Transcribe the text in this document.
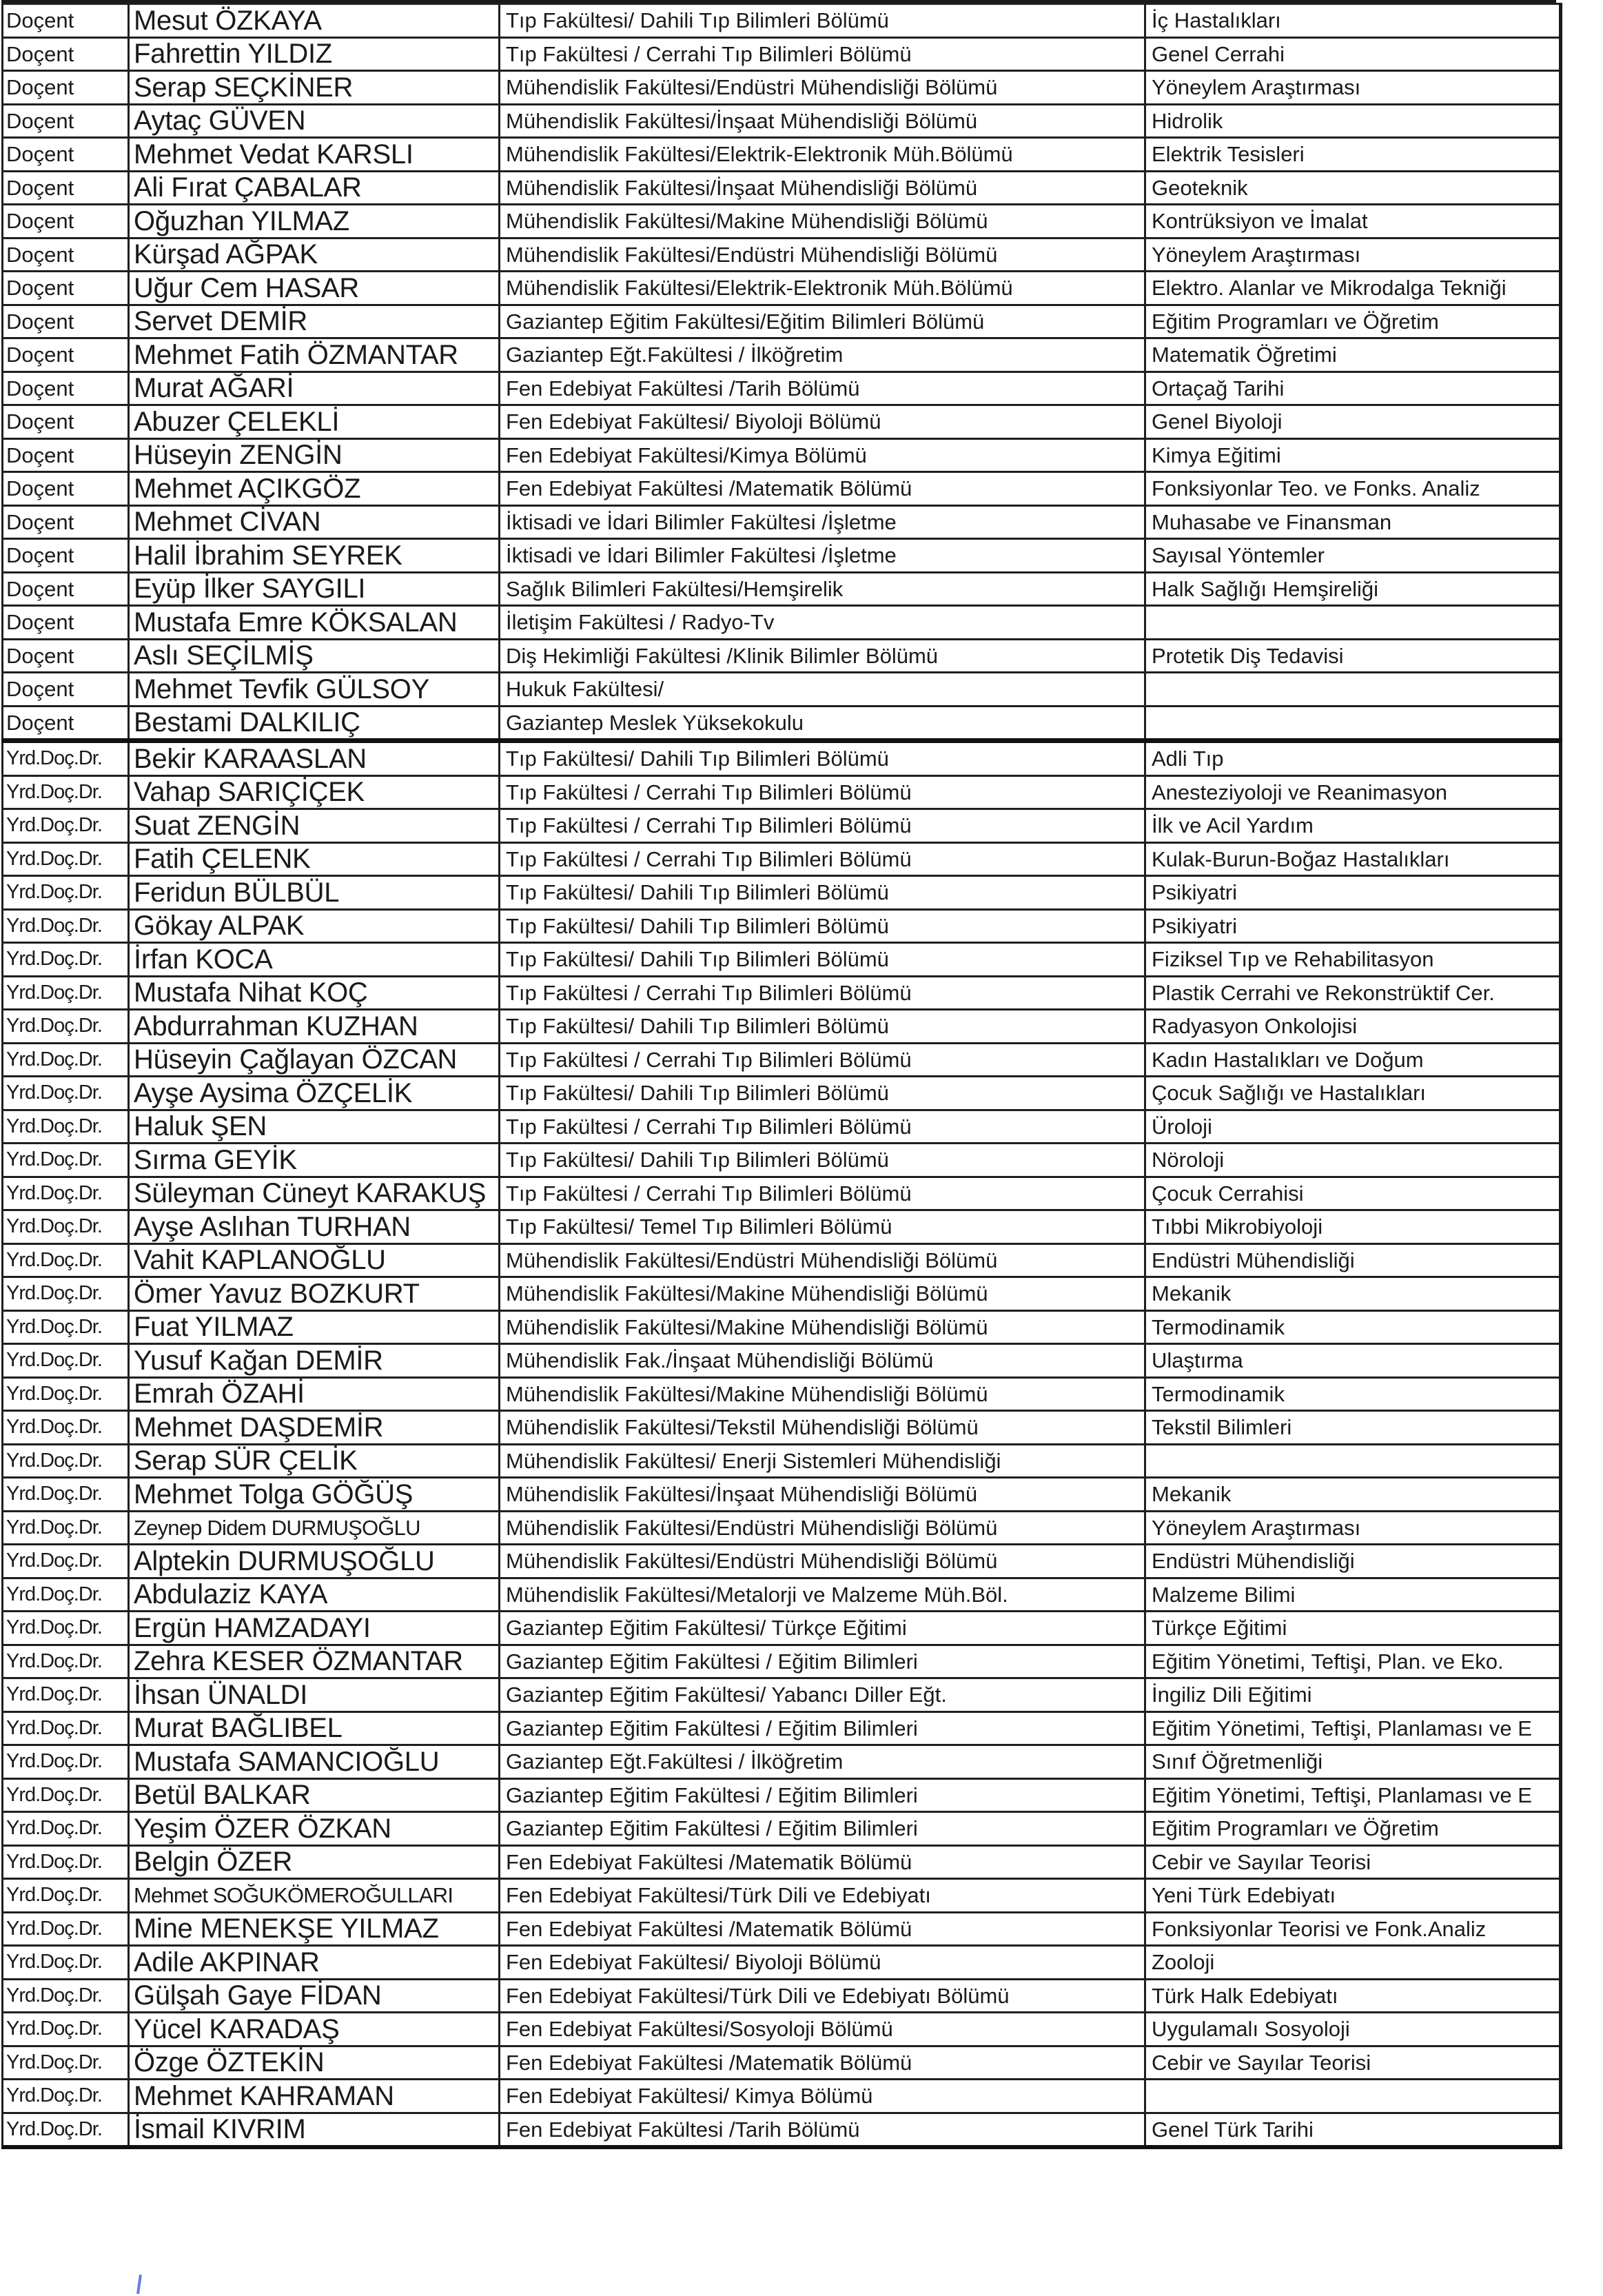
Doçent	Mesut ÖZKAYA	Tıp Fakültesi/ Dahili Tıp Bilimleri Bölümü	İç Hastalıkları
Doçent	Fahrettin YILDIZ	Tıp Fakültesi / Cerrahi Tıp Bilimleri Bölümü	Genel Cerrahi
Doçent	Serap SEÇKİNER	Mühendislik Fakültesi/Endüstri Mühendisliği Bölümü	Yöneylem Araştırması
Doçent	Aytaç GÜVEN	Mühendislik Fakültesi/İnşaat Mühendisliği Bölümü	Hidrolik
Doçent	Mehmet Vedat KARSLI	Mühendislik Fakültesi/Elektrik-Elektronik Müh.Bölümü	Elektrik Tesisleri
Doçent	Ali Fırat ÇABALAR	Mühendislik Fakültesi/İnşaat Mühendisliği Bölümü	Geoteknik
Doçent	Oğuzhan YILMAZ	Mühendislik Fakültesi/Makine Mühendisliği Bölümü	Kontrüksiyon ve İmalat
Doçent	Kürşad AĞPAK	Mühendislik Fakültesi/Endüstri Mühendisliği Bölümü	Yöneylem Araştırması
Doçent	Uğur Cem HASAR	Mühendislik Fakültesi/Elektrik-Elektronik Müh.Bölümü	Elektro. Alanlar ve Mikrodalga Tekniği
Doçent	Servet DEMİR	Gaziantep Eğitim Fakültesi/Eğitim Bilimleri Bölümü	Eğitim Programları ve Öğretim
Doçent	Mehmet Fatih ÖZMANTAR	Gaziantep Eğt.Fakültesi / İlköğretim	Matematik Öğretimi
Doçent	Murat AĞARİ	Fen Edebiyat Fakültesi /Tarih Bölümü	Ortaçağ Tarihi
Doçent	Abuzer ÇELEKLİ	Fen Edebiyat Fakültesi/ Biyoloji Bölümü	Genel Biyoloji
Doçent	Hüseyin ZENGİN	Fen Edebiyat Fakültesi/Kimya Bölümü	Kimya Eğitimi
Doçent	Mehmet AÇIKGÖZ	Fen Edebiyat Fakültesi /Matematik Bölümü	Fonksiyonlar Teo. ve Fonks. Analiz
Doçent	Mehmet CİVAN	İktisadi ve İdari Bilimler Fakültesi /İşletme	Muhasabe ve Finansman
Doçent	Halil İbrahim SEYREK	İktisadi ve İdari Bilimler Fakültesi /İşletme	Sayısal Yöntemler
Doçent	Eyüp İlker SAYGILI	Sağlık Bilimleri Fakültesi/Hemşirelik	Halk Sağlığı Hemşireliği
Doçent	Mustafa Emre KÖKSALAN	İletişim Fakültesi / Radyo-Tv	
Doçent	Aslı SEÇİLMİŞ	Diş Hekimliği Fakültesi /Klinik Bilimler Bölümü	Protetik Diş Tedavisi
Doçent	Mehmet Tevfik GÜLSOY	Hukuk Fakültesi/	
Doçent	Bestami DALKILIÇ	Gaziantep Meslek Yüksekokulu	
Yrd.Doç.Dr.	Bekir KARAASLAN	Tıp Fakültesi/ Dahili Tıp Bilimleri Bölümü	Adli Tıp
Yrd.Doç.Dr.	Vahap SARIÇİÇEK	Tıp Fakültesi / Cerrahi Tıp Bilimleri Bölümü	Anesteziyoloji ve Reanimasyon
Yrd.Doç.Dr.	Suat ZENGİN	Tıp Fakültesi / Cerrahi Tıp Bilimleri Bölümü	İlk ve Acil Yardım
Yrd.Doç.Dr.	Fatih ÇELENK	Tıp Fakültesi / Cerrahi Tıp Bilimleri Bölümü	Kulak-Burun-Boğaz Hastalıkları
Yrd.Doç.Dr.	Feridun BÜLBÜL	Tıp Fakültesi/ Dahili Tıp Bilimleri Bölümü	Psikiyatri
Yrd.Doç.Dr.	Gökay ALPAK	Tıp Fakültesi/ Dahili Tıp Bilimleri Bölümü	Psikiyatri
Yrd.Doç.Dr.	İrfan KOCA	Tıp Fakültesi/ Dahili Tıp Bilimleri Bölümü	Fiziksel Tıp ve Rehabilitasyon
Yrd.Doç.Dr.	Mustafa Nihat KOÇ	Tıp Fakültesi / Cerrahi Tıp Bilimleri Bölümü	Plastik Cerrahi ve Rekonstrüktif Cer.
Yrd.Doç.Dr.	Abdurrahman KUZHAN	Tıp Fakültesi/ Dahili Tıp Bilimleri Bölümü	Radyasyon Onkolojisi
Yrd.Doç.Dr.	Hüseyin Çağlayan ÖZCAN	Tıp Fakültesi / Cerrahi Tıp Bilimleri Bölümü	Kadın Hastalıkları ve Doğum
Yrd.Doç.Dr.	Ayşe Aysima ÖZÇELİK	Tıp Fakültesi/ Dahili Tıp Bilimleri Bölümü	Çocuk Sağlığı ve Hastalıkları
Yrd.Doç.Dr.	Haluk ŞEN	Tıp Fakültesi / Cerrahi Tıp Bilimleri Bölümü	Üroloji
Yrd.Doç.Dr.	Sırma GEYİK	Tıp Fakültesi/ Dahili Tıp Bilimleri Bölümü	Nöroloji
Yrd.Doç.Dr.	Süleyman Cüneyt KARAKUŞ	Tıp Fakültesi / Cerrahi Tıp Bilimleri Bölümü	Çocuk Cerrahisi
Yrd.Doç.Dr.	Ayşe Aslıhan TURHAN	Tıp Fakültesi/ Temel Tıp Bilimleri Bölümü	Tıbbi Mikrobiyoloji
Yrd.Doç.Dr.	Vahit KAPLANOĞLU	Mühendislik Fakültesi/Endüstri Mühendisliği Bölümü	Endüstri Mühendisliği
Yrd.Doç.Dr.	Ömer Yavuz BOZKURT	Mühendislik Fakültesi/Makine Mühendisliği Bölümü	Mekanik
Yrd.Doç.Dr.	Fuat YILMAZ	Mühendislik Fakültesi/Makine Mühendisliği Bölümü	Termodinamik
Yrd.Doç.Dr.	Yusuf Kağan DEMİR	Mühendislik Fak./İnşaat Mühendisliği Bölümü	Ulaştırma
Yrd.Doç.Dr.	Emrah ÖZAHİ	Mühendislik Fakültesi/Makine Mühendisliği Bölümü	Termodinamik
Yrd.Doç.Dr.	Mehmet DAŞDEMİR	Mühendislik Fakültesi/Tekstil Mühendisliği Bölümü	Tekstil Bilimleri
Yrd.Doç.Dr.	Serap SÜR ÇELİK	Mühendislik Fakültesi/ Enerji Sistemleri Mühendisliği	
Yrd.Doç.Dr.	Mehmet Tolga GÖĞÜŞ	Mühendislik Fakültesi/İnşaat Mühendisliği Bölümü	Mekanik
Yrd.Doç.Dr.	Zeynep Didem DURMUŞOĞLU	Mühendislik Fakültesi/Endüstri Mühendisliği Bölümü	Yöneylem Araştırması
Yrd.Doç.Dr.	Alptekin DURMUŞOĞLU	Mühendislik Fakültesi/Endüstri Mühendisliği Bölümü	Endüstri Mühendisliği
Yrd.Doç.Dr.	Abdulaziz KAYA	Mühendislik Fakültesi/Metalorji ve Malzeme Müh.Böl.	Malzeme Bilimi
Yrd.Doç.Dr.	Ergün HAMZADAYI	Gaziantep Eğitim Fakültesi/ Türkçe Eğitimi	Türkçe Eğitimi
Yrd.Doç.Dr.	Zehra KESER ÖZMANTAR	Gaziantep Eğitim Fakültesi / Eğitim Bilimleri	Eğitim Yönetimi, Teftişi, Plan. ve Eko.
Yrd.Doç.Dr.	İhsan ÜNALDI	Gaziantep Eğitim Fakültesi/ Yabancı Diller Eğt.	İngiliz Dili Eğitimi
Yrd.Doç.Dr.	Murat BAĞLIBEL	Gaziantep Eğitim Fakültesi / Eğitim Bilimleri	Eğitim Yönetimi, Teftişi, Planlaması ve E
Yrd.Doç.Dr.	Mustafa SAMANCIOĞLU	Gaziantep Eğt.Fakültesi / İlköğretim	Sınıf Öğretmenliği
Yrd.Doç.Dr.	Betül BALKAR	Gaziantep Eğitim Fakültesi / Eğitim Bilimleri	Eğitim Yönetimi, Teftişi, Planlaması ve E
Yrd.Doç.Dr.	Yeşim ÖZER ÖZKAN	Gaziantep Eğitim Fakültesi / Eğitim Bilimleri	Eğitim Programları ve Öğretim
Yrd.Doç.Dr.	Belgin ÖZER	Fen Edebiyat Fakültesi /Matematik Bölümü	Cebir ve Sayılar Teorisi
Yrd.Doç.Dr.	Mehmet SOĞUKÖMEROĞULLARI	Fen Edebiyat Fakültesi/Türk Dili ve Edebiyatı	Yeni Türk Edebiyatı
Yrd.Doç.Dr.	Mine MENEKŞE YILMAZ	Fen Edebiyat Fakültesi /Matematik Bölümü	Fonksiyonlar Teorisi ve Fonk.Analiz
Yrd.Doç.Dr.	Adile AKPINAR	Fen Edebiyat Fakültesi/ Biyoloji Bölümü	Zooloji
Yrd.Doç.Dr.	Gülşah Gaye FİDAN	Fen Edebiyat Fakültesi/Türk Dili ve Edebiyatı Bölümü	Türk Halk Edebiyatı
Yrd.Doç.Dr.	Yücel KARADAŞ	Fen Edebiyat Fakültesi/Sosyoloji Bölümü	Uygulamalı Sosyoloji
Yrd.Doç.Dr.	Özge ÖZTEKİN	Fen Edebiyat Fakültesi /Matematik Bölümü	Cebir ve Sayılar Teorisi
Yrd.Doç.Dr.	Mehmet KAHRAMAN	Fen Edebiyat Fakültesi/ Kimya Bölümü	
Yrd.Doç.Dr.	İsmail KIVRIM	Fen Edebiyat Fakültesi /Tarih Bölümü	Genel Türk Tarihi
